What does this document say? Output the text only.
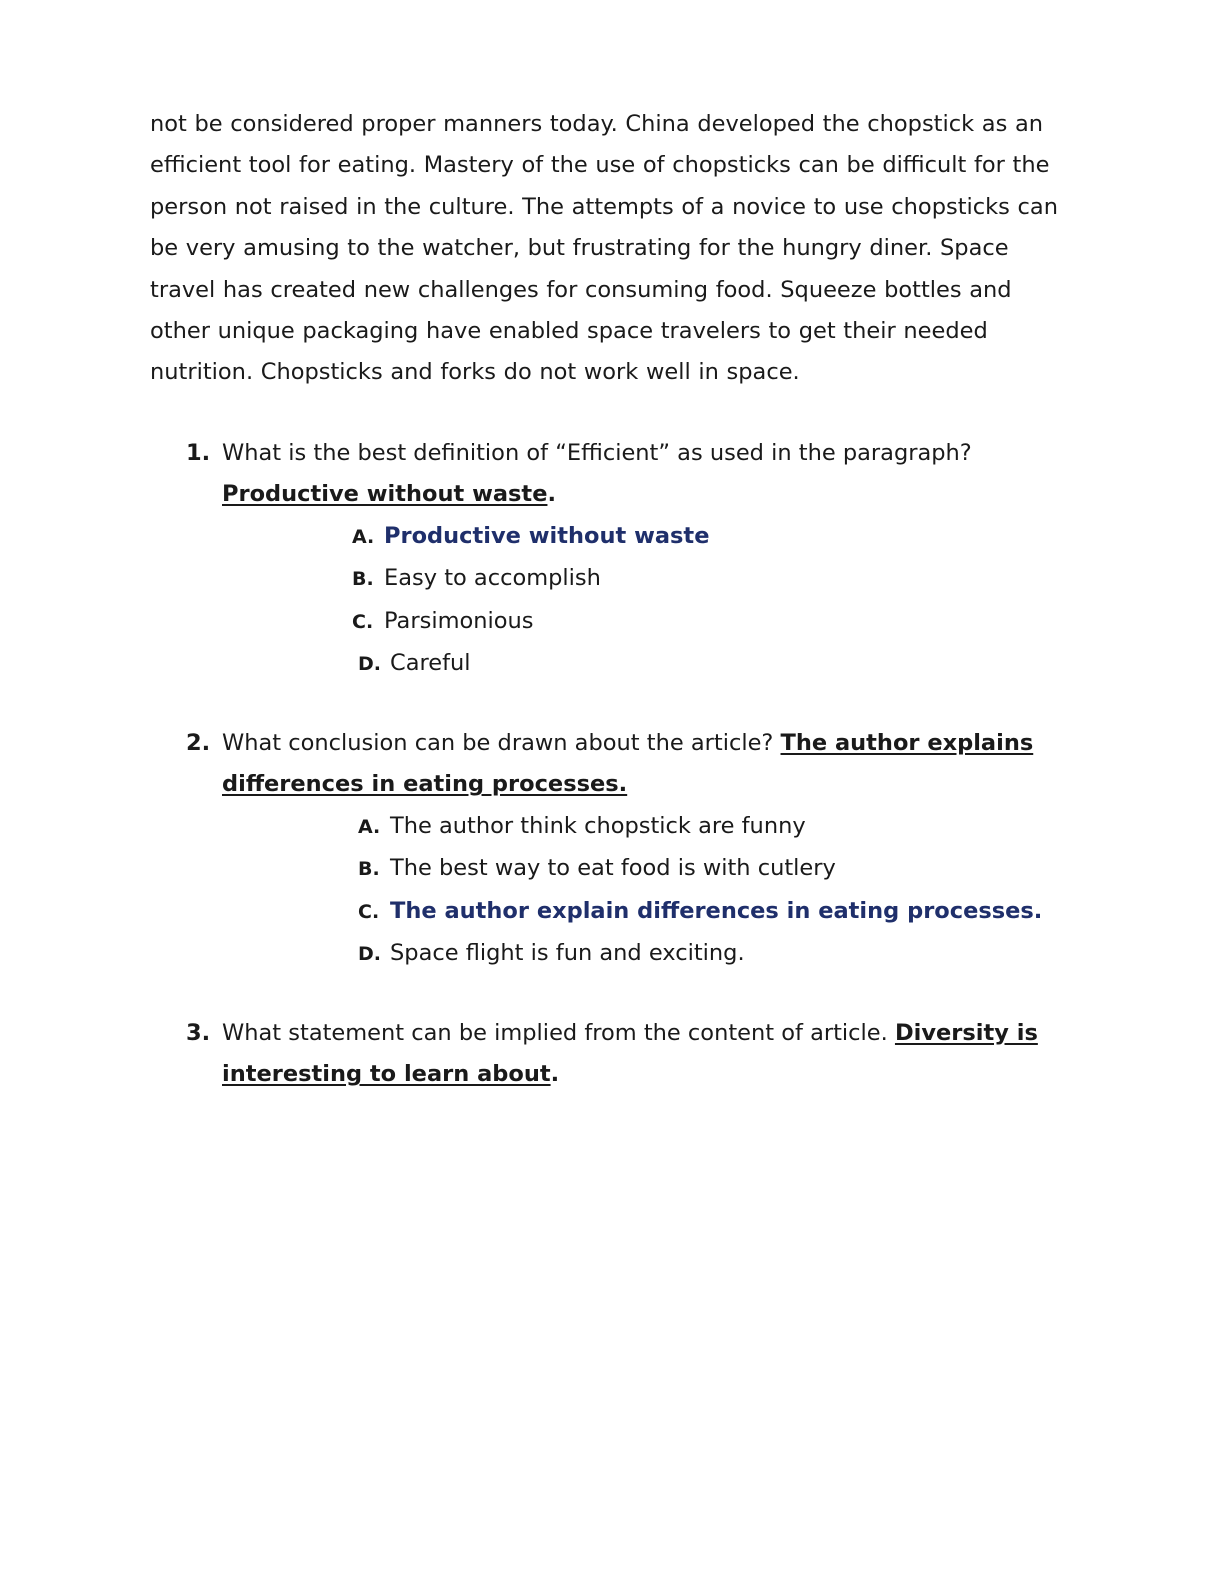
not be considered proper manners today. China developed the chopstick as an
efficient tool for eating. Mastery of the use of chopsticks can be difficult for the
person not raised in the culture. The attempts of a novice to use chopsticks can
be very amusing to the watcher, but frustrating for the hungry diner. Space
travel has created new challenges for consuming food. Squeeze bottles and
other unique packaging have enabled space travelers to get their needed
nutrition. Chopsticks and forks do not work well in space.
1. What is the best definition of “Efficient” as used in the paragraph?
Productive without waste.
A. Productive without waste
B. Easy to accomplish
C. Parsimonious
D. Careful
2. What conclusion can be drawn about the article? The author explains
differences in eating processes.
A. The author think chopstick are funny
B. The best way to eat food is with cutlery
C. The author explain differences in eating processes.
D. Space flight is fun and exciting.
3. What statement can be implied from the content of article. Diversity is
interesting to learn about.
